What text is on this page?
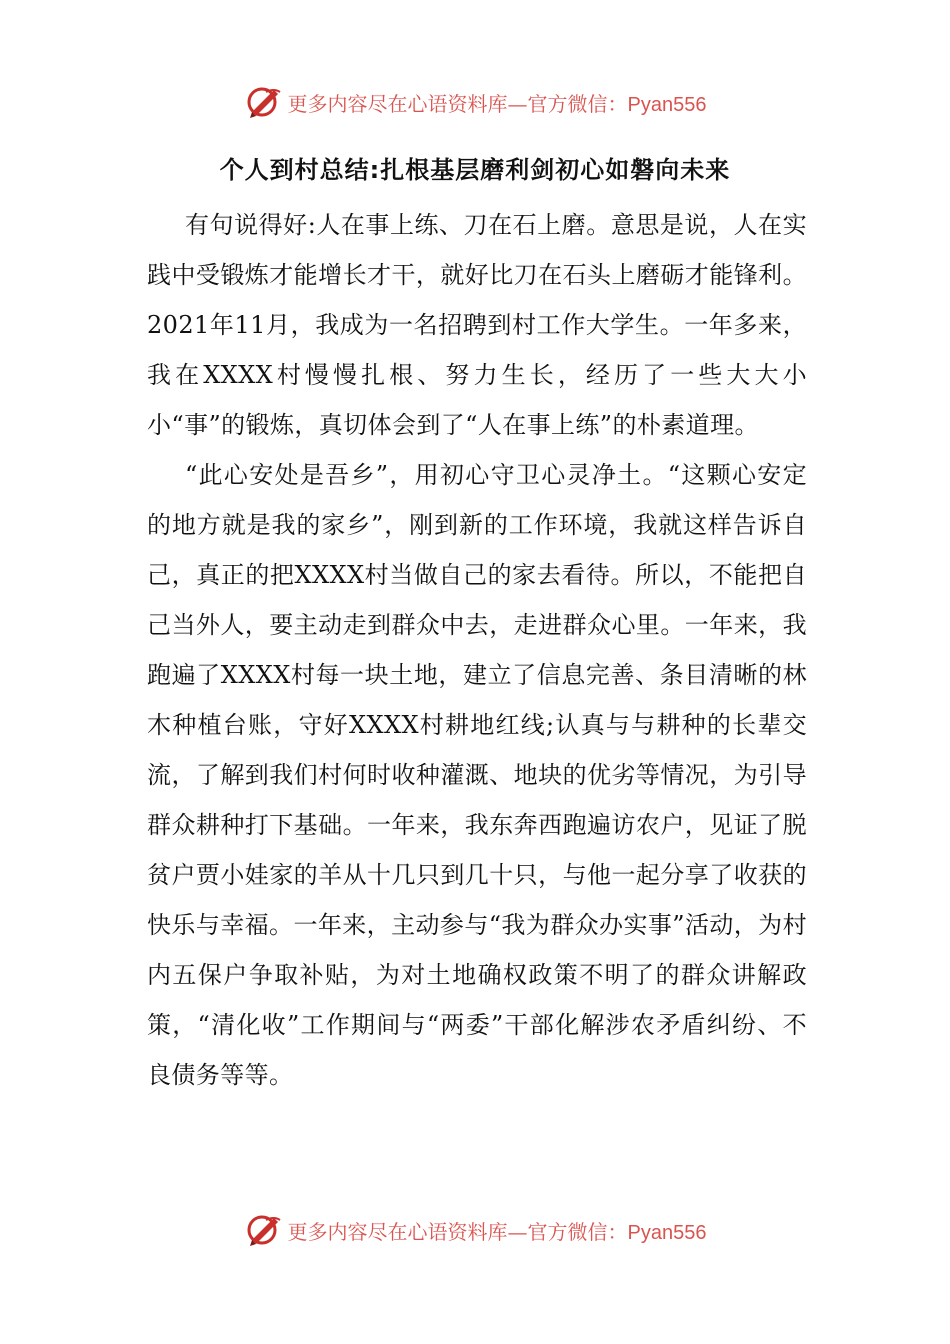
更多内容尽在心语资料库—官方微信：Pyan556
个人到村总结:扎根基层磨利剑初心如磐向未来

有句说得好:人在事上练、刀在石上磨。意思是说，人在实践中受锻炼才能增长才干，就好比刀在石头上磨砺才能锋利。2021年11月，我成为一名招聘到村工作大学生。一年多来，我在XXXX村慢慢扎根、努力生长，经历了一些大大小小“事”的锻炼，真切体会到了“人在事上练”的朴素道理。

“此心安处是吾乡”，用初心守卫心灵净土。“这颗心安定的地方就是我的家乡”，刚到新的工作环境，我就这样告诉自己，真正的把XXXX村当做自己的家去看待。所以，不能把自己当外人，要主动走到群众中去，走进群众心里。一年来，我跑遍了XXXX村每一块土地，建立了信息完善、条目清晰的林木种植台账，守好XXXX村耕地红线;认真与与耕种的长辈交流，了解到我们村何时收种灌溉、地块的优劣等情况，为引导群众耕种打下基础。一年来，我东奔西跑遍访农户，见证了脱贫户贾小娃家的羊从十几只到几十只，与他一起分享了收获的快乐与幸福。一年来，主动参与“我为群众办实事”活动，为村内五保户争取补贴，为对土地确权政策不明了的群众讲解政策，“清化收”工作期间与“两委”干部化解涉农矛盾纠纷、不良债务等等。

更多内容尽在心语资料库—官方微信：Pyan556
